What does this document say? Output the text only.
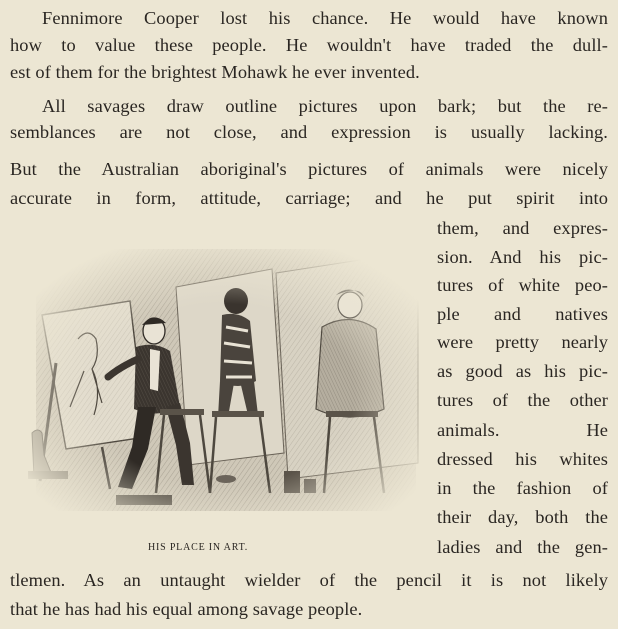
Fennimore Cooper lost his chance. He would have known
how to value these people. He wouldn't have traded the dull-
est of them for the brightest Mohawk he ever invented.
All savages draw outline pictures upon bark; but the re-
semblances are not close, and expression is usually lacking.
But the Australian aboriginal's pictures of animals were nicely
accurate in form, attitude, carriage; and he put spirit into
them, and expres-
sion. And his pic-
tures of white peo-
ple and natives
were pretty nearly
as good as his pic-
tures of the other
animals. He
dressed his whites
in the fashion of
their day, both the
ladies and the gen-
tlemen. As an untaught wielder of the pencil it is not likely
that he has had his equal among savage people.
HIS PLACE IN ART.
